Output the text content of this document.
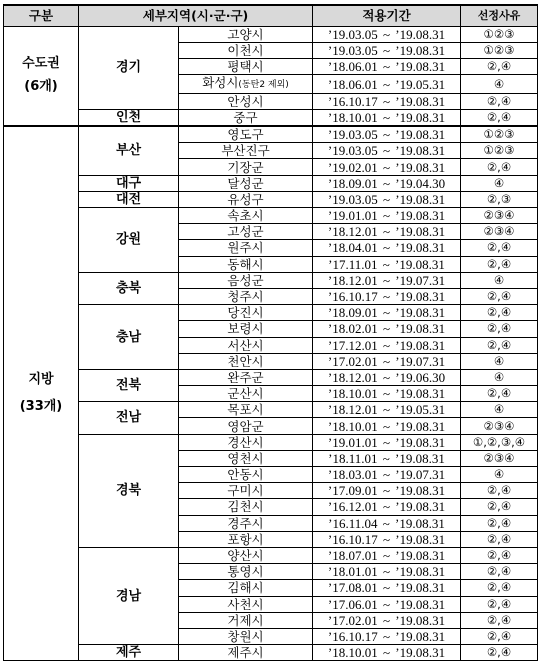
구분	세부지역(시·군·구)		적용기간	선정사유

수도권
(6개)	경기	고양시	’19.03.05 ~ ’19.08.31	①②③
		이천시	’19.03.05 ~ ’19.08.31	①②③
		평택시	’18.06.01 ~ ’19.08.31	②,④
		화성시(동탄2 제외)	’18.06.01 ~ ’19.05.31	④
		안성시	’16.10.17 ~ ’19.08.31	②,④
	인천	중구	’18.10.01 ~ ’19.08.31	②,④

지방
(33개)	부산	영도구	’19.03.05 ~ ’19.08.31	①②③
		부산진구	’19.03.05 ~ ’19.08.31	①②③
		기장군	’19.02.01 ~ ’19.08.31	②,④
	대구	달성군	’18.09.01 ~ ’19.04.30	④
	대전	유성구	’19.03.05 ~ ’19.08.31	②,③
	강원	속초시	’19.01.01 ~ ’19.08.31	②③④
		고성군	’18.12.01 ~ ’19.08.31	②③④
		원주시	’18.04.01 ~ ’19.08.31	②,④
		동해시	’17.11.01 ~ ’19.08.31	②,④
	충북	음성군	’18.12.01 ~ ’19.07.31	④
		청주시	’16.10.17 ~ ’19.08.31	②,④
	충남	당진시	’18.09.01 ~ ’19.08.31	②,④
		보령시	’18.02.01 ~ ’19.08.31	②,④
		서산시	’17.12.01 ~ ’19.08.31	②,④
		천안시	’17.02.01 ~ ’19.07.31	④
	전북	완주군	’18.12.01 ~ ’19.06.30	④
		군산시	’18.10.01 ~ ’19.08.31	②,④
	전남	목포시	’18.12.01 ~ ’19.05.31	④
		영암군	’18.10.01 ~ ’19.08.31	②③④
	경북	경산시	’19.01.01 ~ ’19.08.31	①,②,③,④
		영천시	’18.11.01 ~ ’19.08.31	②③④
		안동시	’18.03.01 ~ ’19.07.31	④
		구미시	’17.09.01 ~ ’19.08.31	②,④
		김천시	’16.12.01 ~ ’19.08.31	②,④
		경주시	’16.11.04 ~ ’19.08.31	②,④
		포항시	’16.10.17 ~ ’19.08.31	②,④
	경남	양산시	’18.07.01 ~ ’19.08.31	②,④
		통영시	’18.01.01 ~ ’19.08.31	②,④
		김해시	’17.08.01 ~ ’19.08.31	②,④
		사천시	’17.06.01 ~ ’19.08.31	②,④
		거제시	’17.02.01 ~ ’19.08.31	②,④
		창원시	’16.10.17 ~ ’19.08.31	②,④
	제주	제주시	’18.10.01 ~ ’19.08.31	②,④
